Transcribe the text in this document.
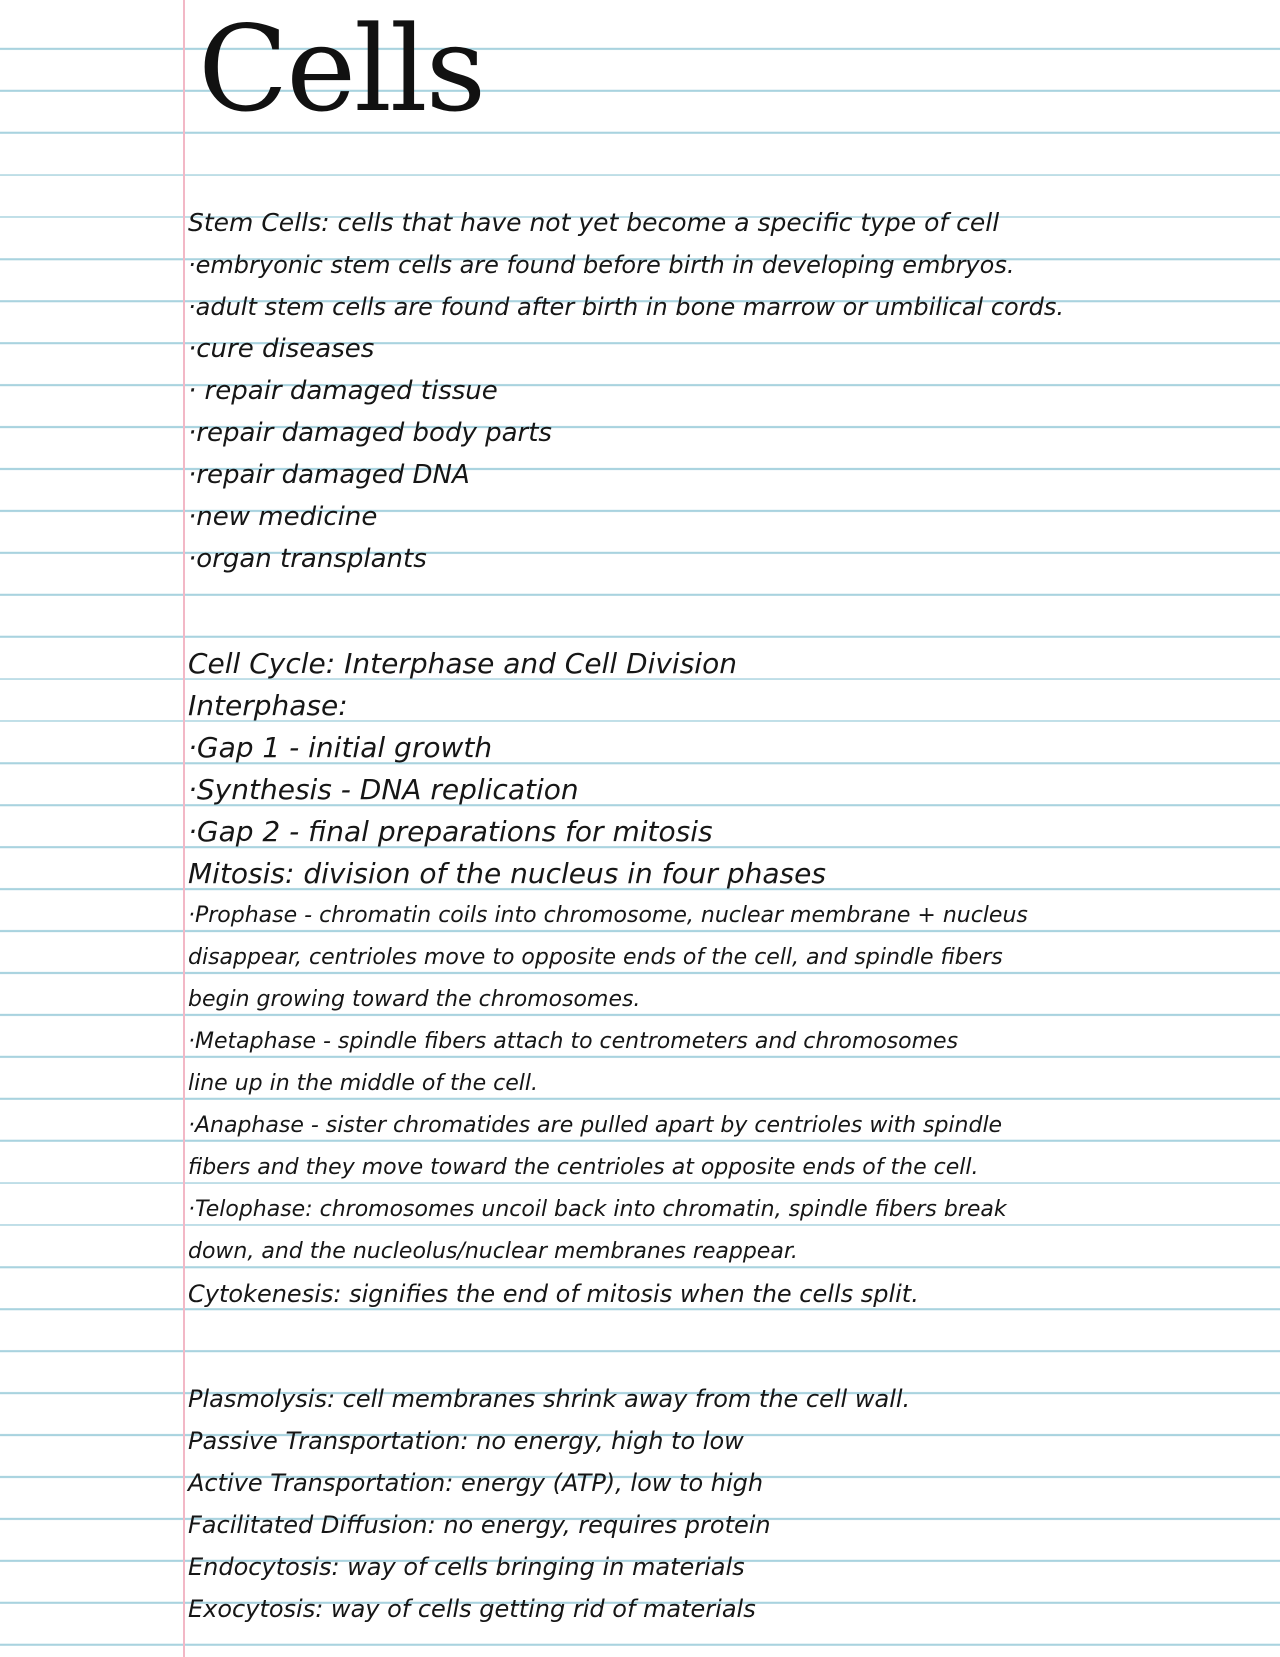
Cells
Stem Cells: cells that have not yet become a specific type of cell
·embryonic stem cells are found before birth in developing embryos.
·adult stem cells are found after birth in bone marrow or umbilical cords.
·cure diseases
· repair damaged tissue
·repair damaged body parts
·repair damaged DNA
·new medicine
·organ transplants
Cell Cycle: Interphase and Cell Division
Interphase:
·Gap 1 - initial growth
·Synthesis - DNA replication
·Gap 2 - final preparations for mitosis
Mitosis: division of the nucleus in four phases
·Prophase - chromatin coils into chromosome, nuclear membrane + nucleus
disappear, centrioles move to opposite ends of the cell, and spindle fibers
begin growing toward the chromosomes.
·Metaphase - spindle fibers attach to centrometers and chromosomes
line up in the middle of the cell.
·Anaphase - sister chromatides are pulled apart by centrioles with spindle
fibers and they move toward the centrioles at opposite ends of the cell.
·Telophase: chromosomes uncoil back into chromatin, spindle fibers break
down, and the nucleolus/nuclear membranes reappear.
Cytokenesis: signifies the end of mitosis when the cells split.
Plasmolysis: cell membranes shrink away from the cell wall.
Passive Transportation: no energy, high to low
Active Transportation: energy (ATP), low to high
Facilitated Diffusion: no energy, requires protein
Endocytosis: way of cells bringing in materials
Exocytosis: way of cells getting rid of materials
